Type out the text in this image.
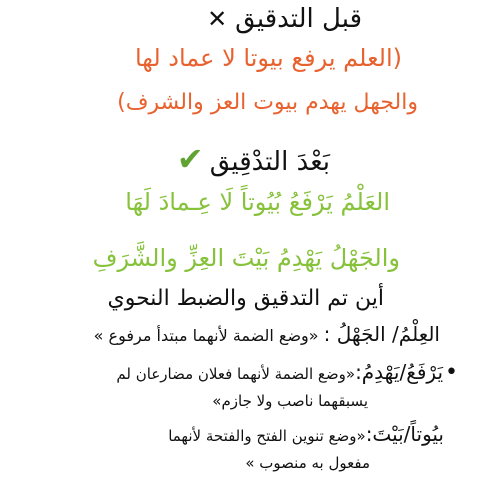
قبل التدقيق✕
(العلم يرفع بيوتا لا عماد لها
والجهل يهدم بيوت العز والشرف)
بَعْدَ التدْقِيق✔
العَلْمُ يَرْفَعُ بُيُوتاً لَا عِـمادَ لَهَا
والجَهْلُ يَهْدِمُ بَيْتَ العِزِّ والشَّرَفِ
أين تم التدقيق والضبط النحوي
العِلْمُ/ الجَهْلُ : «وضع الضمة لأنهما مبتدأ مرفوع »
•يَرْفَعُ/يَهْدِمُ:«وضع الضمة لأنهما فعلان مضارعان لم
يسبقهما ناصب ولا جازم»
بيُوتاً/بَيْتَ:«وضع تنوين الفتح والفتحة لأنهما
مفعول به منصوب »
